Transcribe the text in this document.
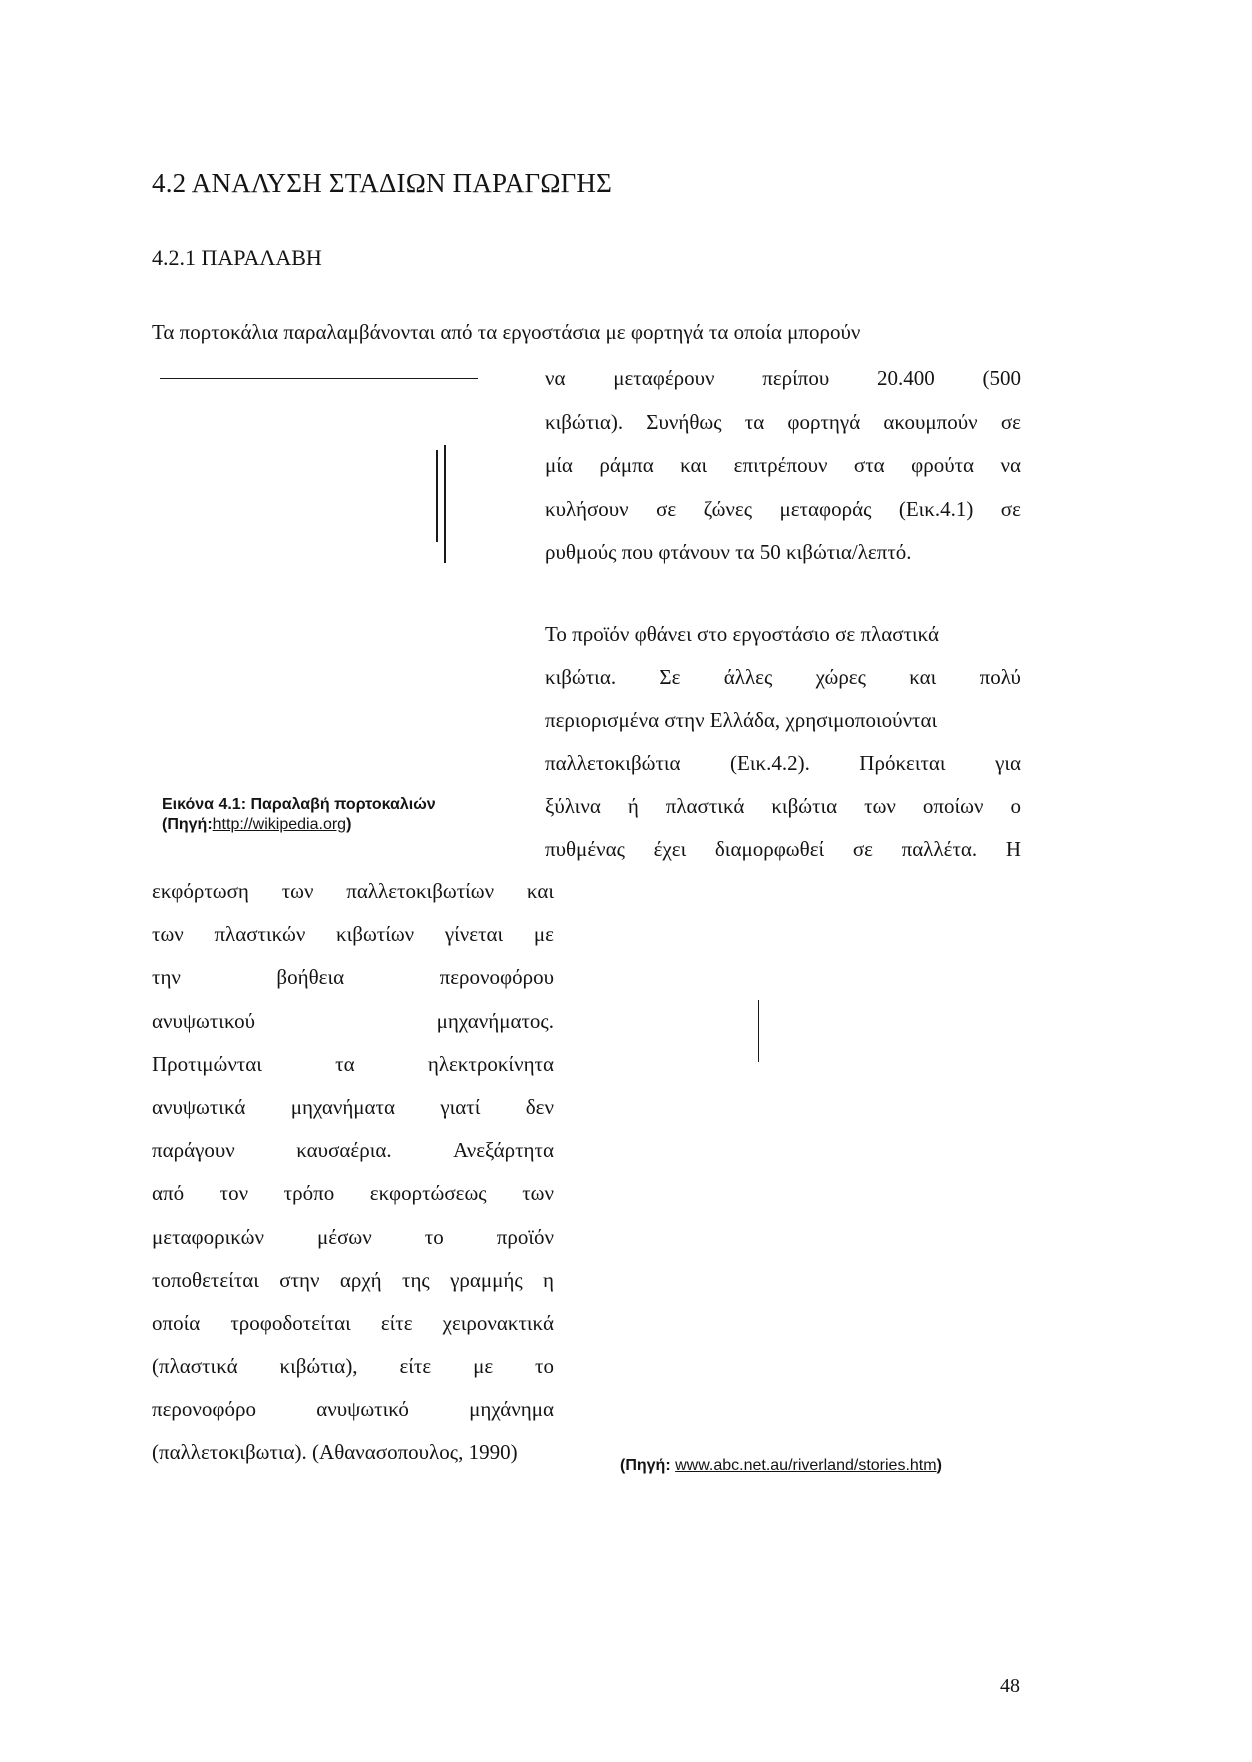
4.2 ΑΝΑΛΥΣΗ ΣΤΑΔΙΩΝ ΠΑΡΑΓΩΓΗΣ
4.2.1 ΠΑΡΑΛΑΒΗ
Τα πορτοκάλια παραλαμβάνονται από τα εργοστάσια με φορτηγά τα οποία μπορούν
να μεταφέρουν περίπου 20.400 (500
κιβώτια). Συνήθως τα φορτηγά ακουμπούν σε
μία ράμπα και επιτρέπουν στα φρούτα να
κυλήσουν σε ζώνες μεταφοράς (Εικ.4.1) σε
ρυθμούς που φτάνουν τα 50 κιβώτια/λεπτό.
Το προϊόν φθάνει στο εργοστάσιο σε πλαστικά
κιβώτια. Σε άλλες χώρες και πολύ
περιορισμένα στην Ελλάδα, χρησιμοποιούνται
παλλετοκιβώτια (Εικ.4.2). Πρόκειται για
ξύλινα ή πλαστικά κιβώτια των οποίων ο
πυθμένας έχει διαμορφωθεί σε παλλέτα. Η
Εικόνα 4.1: Παραλαβή πορτοκαλιών
(Πηγή:http://wikipedia.org)
εκφόρτωση των παλλετοκιβωτίων και
των πλαστικών κιβωτίων γίνεται με
την	βοήθεια	περονοφόρου
ανυψωτικού	μηχανήματος.
Προτιμώνται	τα	ηλεκτροκίνητα
ανυψωτικά μηχανήματα γιατί δεν
παράγουν	καυσαέρια.	Ανεξάρτητα
από τον τρόπο εκφορτώσεως των
μεταφορικών	μέσων	το	προϊόν
τοποθετείται στην αρχή της γραμμής η
οποία τροφοδοτείται είτε χειρονακτικά
(πλαστικά κιβώτια), είτε με το
περονοφόρο	ανυψωτικό	μηχάνημα
(παλλετοκιβωτια). (Αθανασοπουλος, 1990)
(Πηγή: www.abc.net.au/riverland/stories.htm)
48
